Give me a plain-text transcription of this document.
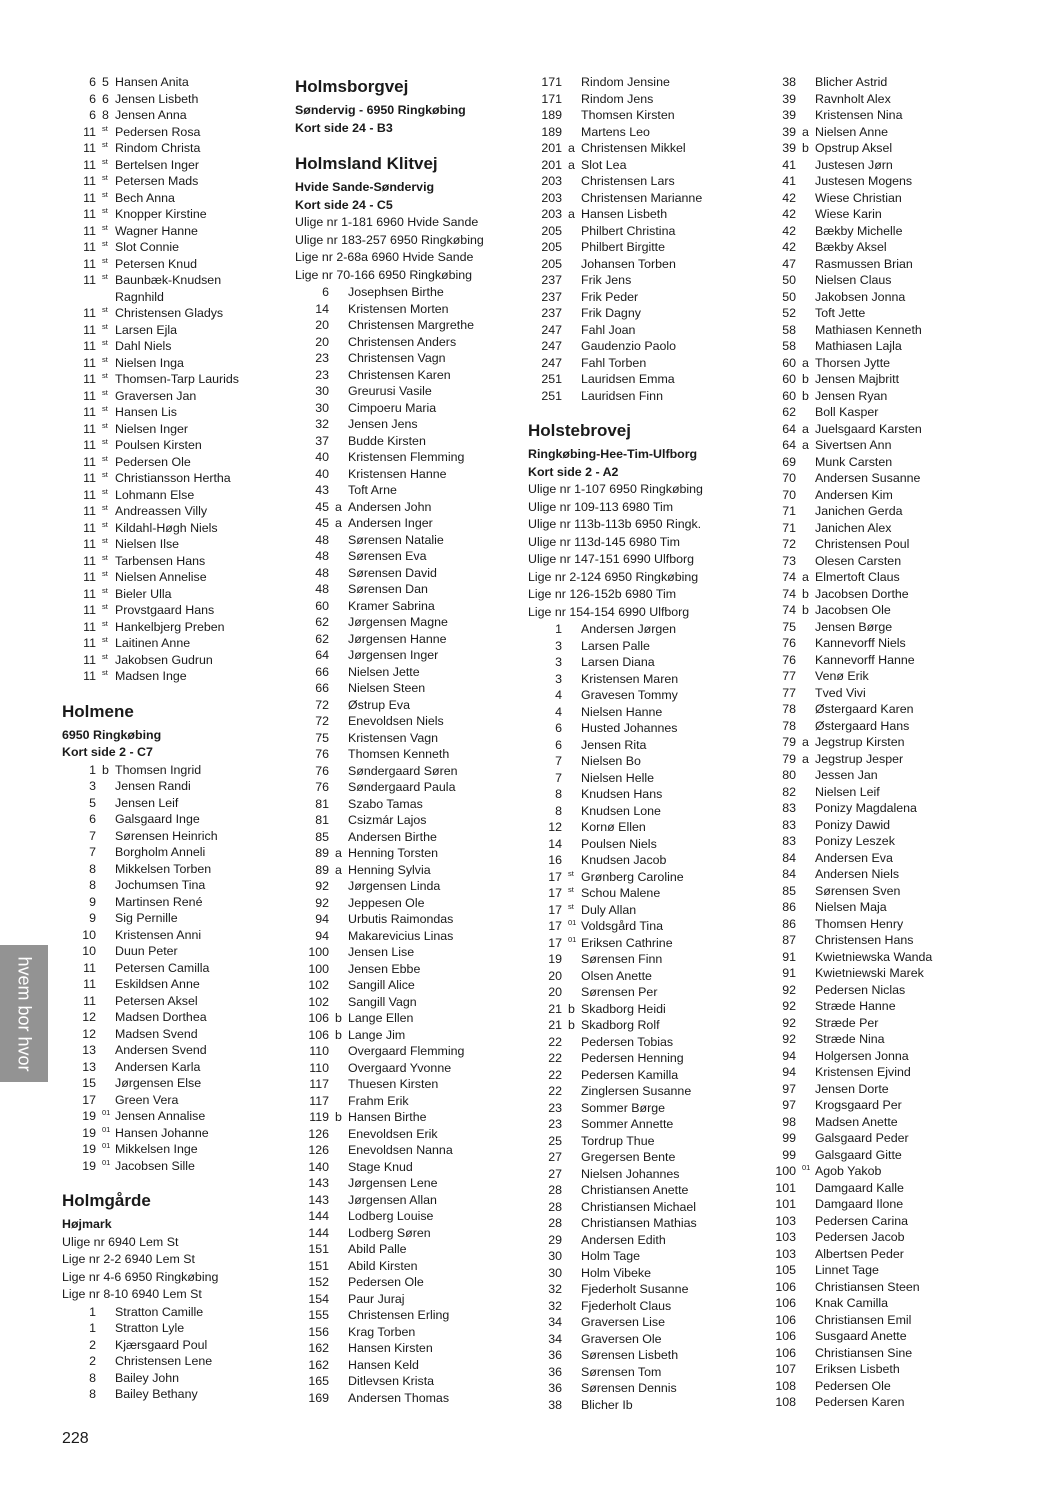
6 5 Hansen Anita
6 6 Jensen Lisbeth
6 8 Jensen Anna
11 st Pedersen Rosa
11 st Rindom Christa
11 st Bertelsen Inger
11 st Petersen Mads
11 st Bech Anna
11 st Knopper Kirstine
11 st Wagner Hanne
11 st Slot Connie
11 st Petersen Knud
11 st Baunbæk-Knudsen
Ragnhild
11 st Christensen Gladys
11 st Larsen Ejla
11 st Dahl Niels
11 st Nielsen Inga
11 st Thomsen-Tarp Laurids
11 st Graversen Jan
11 st Hansen Lis
11 st Nielsen Inger
11 st Poulsen Kirsten
11 st Pedersen Ole
11 st Christiansson Hertha
11 st Lohmann Else
11 st Andreassen Villy
11 st Kildahl-Høgh Niels
11 st Nielsen Ilse
11 st Tarbensen Hans
11 st Nielsen Annelise
11 st Bieler Ulla
11 st Provstgaard Hans
11 st Hankelbjerg Preben
11 st Laitinen Anne
11 st Jakobsen Gudrun
11 st Madsen Inge
Holmene
6950 Ringkøbing
Kort side 2 - C7
1 b Thomsen Ingrid
3 Jensen Randi
5 Jensen Leif
6 Galsgaard Inge
7 Sørensen Heinrich
7 Borgholm Anneli
8 Mikkelsen Torben
8 Jochumsen Tina
9 Martinsen René
9 Sig Pernille
10 Kristensen Anni
10 Duun Peter
11 Petersen Camilla
11 Eskildsen Anne
11 Petersen Aksel
12 Madsen Dorthea
12 Madsen Svend
13 Andersen Svend
13 Andersen Karla
15 Jørgensen Else
17 Green Vera
19 01 Jensen Annalise
19 01 Hansen Johanne
19 01 Mikkelsen Inge
19 01 Jacobsen Sille
Holmgårde
Højmark
Ulige nr 6940 Lem St
Lige nr 2-2 6940 Lem St
Lige nr 4-6 6950 Ringkøbing
Lige nr 8-10 6940 Lem St
1 Stratton Camille
1 Stratton Lyle
2 Kjærsgaard Poul
2 Christensen Lene
8 Bailey John
8 Bailey Bethany
Holmsborgvej
Søndervig - 6950 Ringkøbing
Kort side 24 - B3
Holmsland Klitvej
Hvide Sande-Søndervig
Kort side 24 - C5
Ulige nr 1-181 6960 Hvide Sande
Ulige nr 183-257 6950 Ringkøbing
Lige nr 2-68a 6960 Hvide Sande
Lige nr 70-166 6950 Ringkøbing
6 Josephsen Birthe
14 Kristensen Morten
20 Christensen Margrethe
20 Christensen Anders
23 Christensen Vagn
23 Christensen Karen
30 Greurusi Vasile
30 Cimpoeru Maria
32 Jensen Jens
37 Budde Kirsten
40 Kristensen Flemming
40 Kristensen Hanne
43 Toft Arne
45 a Andersen John
45 a Andersen Inger
48 Sørensen Natalie
48 Sørensen Eva
48 Sørensen David
48 Sørensen Dan
60 Kramer Sabrina
62 Jørgensen Magne
62 Jørgensen Hanne
64 Jørgensen Inger
66 Nielsen Jette
66 Nielsen Steen
72 Østrup Eva
72 Enevoldsen Niels
75 Kristensen Vagn
76 Thomsen Kenneth
76 Søndergaard Søren
76 Søndergaard Paula
81 Szabo Tamas
81 Csizmár Lajos
85 Andersen Birthe
89 a Henning Torsten
89 a Henning Sylvia
92 Jørgensen Linda
92 Jeppesen Ole
94 Urbutis Raimondas
94 Makarevicius Linas
100 Jensen Lise
100 Jensen Ebbe
102 Sangill Alice
102 Sangill Vagn
106 b Lange Ellen
106 b Lange Jim
110 Overgaard Flemming
110 Overgaard Yvonne
117 Thuesen Kirsten
117 Frahm Erik
119 b Hansen Birthe
126 Enevoldsen Erik
126 Enevoldsen Nanna
140 Stage Knud
143 Jørgensen Lene
143 Jørgensen Allan
144 Lodberg Louise
144 Lodberg Søren
151 Abild Palle
151 Abild Kirsten
152 Pedersen Ole
154 Paur Juraj
155 Christensen Erling
156 Krag Torben
162 Hansen Kirsten
162 Hansen Keld
165 Ditlevsen Krista
169 Andersen Thomas
171 Rindom Jensine
171 Rindom Jens
189 Thomsen Kirsten
189 Martens Leo
201 a Christensen Mikkel
201 a Slot Lea
203 Christensen Lars
203 Christensen Marianne
203 a Hansen Lisbeth
205 Philbert Christina
205 Philbert Birgitte
205 Johansen Torben
237 Frik Jens
237 Frik Peder
237 Frik Dagny
247 Fahl Joan
247 Gaudenzio Paolo
247 Fahl Torben
251 Lauridsen Emma
251 Lauridsen Finn
Holstebrovej
Ringkøbing-Hee-Tim-Ulfborg
Kort side 2 - A2
Ulige nr 1-107 6950 Ringkøbing
Ulige nr 109-113 6980 Tim
Ulige nr 113b-113b 6950 Ringk.
Ulige nr 113d-145 6980 Tim
Ulige nr 147-151 6990 Ulfborg
Lige nr 2-124 6950 Ringkøbing
Lige nr 126-152b 6980 Tim
Lige nr 154-154 6990 Ulfborg
1 Andersen Jørgen
3 Larsen Palle
3 Larsen Diana
3 Kristensen Maren
4 Gravesen Tommy
4 Nielsen Hanne
6 Husted Johannes
6 Jensen Rita
7 Nielsen Bo
7 Nielsen Helle
8 Knudsen Hans
8 Knudsen Lone
12 Kornø Ellen
14 Poulsen Niels
16 Knudsen Jacob
17 st Grønberg Caroline
17 st Schou Malene
17 st Duly Allan
17 01 Voldsgård Tina
17 01 Eriksen Cathrine
19 Sørensen Finn
20 Olsen Anette
20 Sørensen Per
21 b Skadborg Heidi
21 b Skadborg Rolf
22 Pedersen Tobias
22 Pedersen Henning
22 Pedersen Kamilla
22 Zinglersen Susanne
23 Sommer Børge
23 Sommer Annette
25 Tordrup Thue
27 Gregersen Bente
27 Nielsen Johannes
28 Christiansen Anette
28 Christiansen Michael
28 Christiansen Mathias
29 Andersen Edith
30 Holm Tage
30 Holm Vibeke
32 Fjederholt Susanne
32 Fjederholt Claus
34 Graversen Lise
34 Graversen Ole
36 Sørensen Lisbeth
36 Sørensen Tom
36 Sørensen Dennis
38 Blicher Ib
38 Blicher Astrid
39 Ravnholt Alex
39 Kristensen Nina
39 a Nielsen Anne
39 b Opstrup Aksel
41 Justesen Jørn
41 Justesen Mogens
42 Wiese Christian
42 Wiese Karin
42 Bækby Michelle
42 Bækby Aksel
47 Rasmussen Brian
50 Nielsen Claus
50 Jakobsen Jonna
52 Toft Jette
58 Mathiasen Kenneth
58 Mathiasen Lajla
60 a Thorsen Jytte
60 b Jensen Majbritt
60 b Jensen Ryan
62 Boll Kasper
64 a Juelsgaard Karsten
64 a Sivertsen Ann
69 Munk Carsten
70 Andersen Susanne
70 Andersen Kim
71 Janichen Gerda
71 Janichen Alex
72 Christensen Poul
73 Olesen Carsten
74 a Elmertoft Claus
74 b Jacobsen Dorthe
74 b Jacobsen Ole
75 Jensen Børge
76 Kannevorff Niels
76 Kannevorff Hanne
77 Venø Erik
77 Tved Vivi
78 Østergaard Karen
78 Østergaard Hans
79 a Jegstrup Kirsten
79 a Jegstrup Jesper
80 Jessen Jan
82 Nielsen Leif
83 Ponizy Magdalena
83 Ponizy Dawid
83 Ponizy Leszek
84 Andersen Eva
84 Andersen Niels
85 Sørensen Sven
86 Nielsen Maja
86 Thomsen Henry
87 Christensen Hans
91 Kwietniewska Wanda
91 Kwietniewski Marek
92 Pedersen Niclas
92 Stræde Hanne
92 Stræde Per
92 Stræde Nina
94 Holgersen Jonna
94 Kristensen Ejvind
97 Jensen Dorte
97 Krogsgaard Per
98 Madsen Anette
99 Galsgaard Peder
99 Galsgaard Gitte
100 01 Agob Yakob
101 Damgaard Kalle
101 Damgaard Ilone
103 Pedersen Carina
103 Pedersen Jacob
103 Albertsen Peder
105 Linnet Tage
106 Christiansen Steen
106 Knak Camilla
106 Christiansen Emil
106 Susgaard Anette
106 Christiansen Sine
107 Eriksen Lisbeth
108 Pedersen Ole
108 Pedersen Karen
hvem bor hvor
228
